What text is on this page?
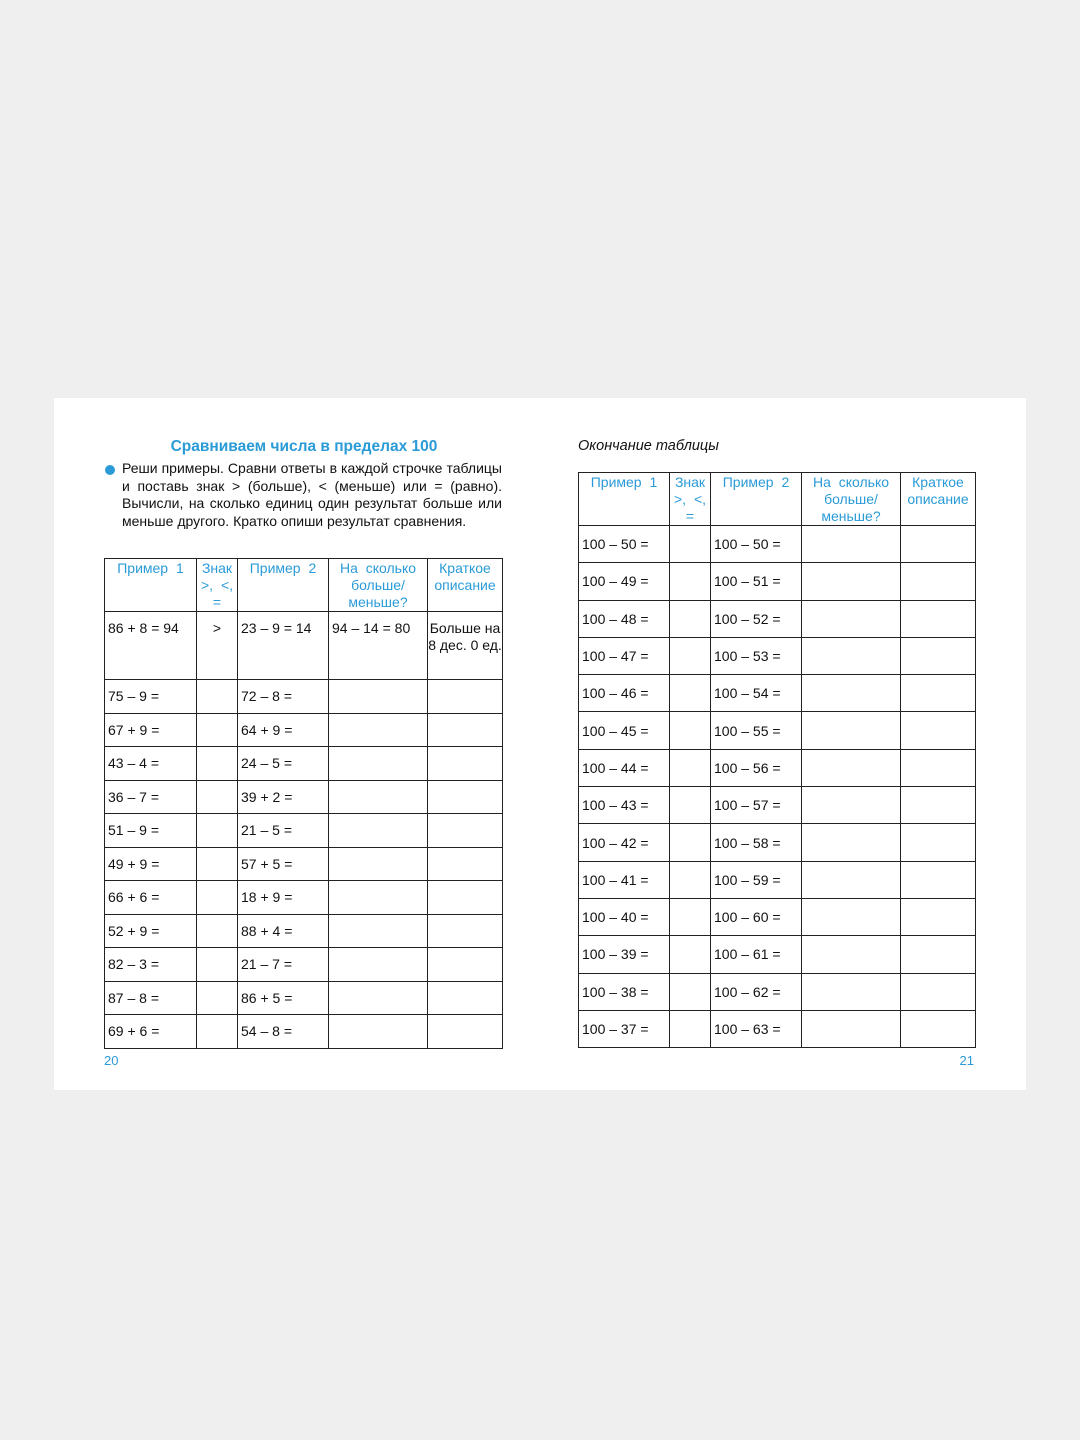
Сравниваем числа в пределах 100
Реши примеры. Сравни ответы в каждой строчке таблицы и поставь знак > (больше), < (меньше) или = (равно). Вычисли, на сколько единиц один результат больше или меньше другого. Кратко опиши результат сравнения.
Пример 1	Знак >, <, =	Пример 2	На сколько больше/ меньше?	Краткое описание
86 + 8 = 94	>	23 – 9 = 14	94 – 14 = 80	Больше на 8 дес. 0 ед.
75 – 9 =		72 – 8 =		
67 + 9 =		64 + 9 =		
43 – 4 =		24 – 5 =		
36 – 7 =		39 + 2 =		
51 – 9 =		21 – 5 =		
49 + 9 =		57 + 5 =		
66 + 6 =		18 + 9 =		
52 + 9 =		88 + 4 =		
82 – 3 =		21 – 7 =		
87 – 8 =		86 + 5 =		
69 + 6 =		54 – 8 =		
20
Окончание таблицы
Пример 1	Знак >, <, =	Пример 2	На сколько больше/ меньше?	Краткое описание
100 – 50 =		100 – 50 =		
100 – 49 =		100 – 51 =		
100 – 48 =		100 – 52 =		
100 – 47 =		100 – 53 =		
100 – 46 =		100 – 54 =		
100 – 45 =		100 – 55 =		
100 – 44 =		100 – 56 =		
100 – 43 =		100 – 57 =		
100 – 42 =		100 – 58 =		
100 – 41 =		100 – 59 =		
100 – 40 =		100 – 60 =		
100 – 39 =		100 – 61 =		
100 – 38 =		100 – 62 =		
100 – 37 =		100 – 63 =		
21
